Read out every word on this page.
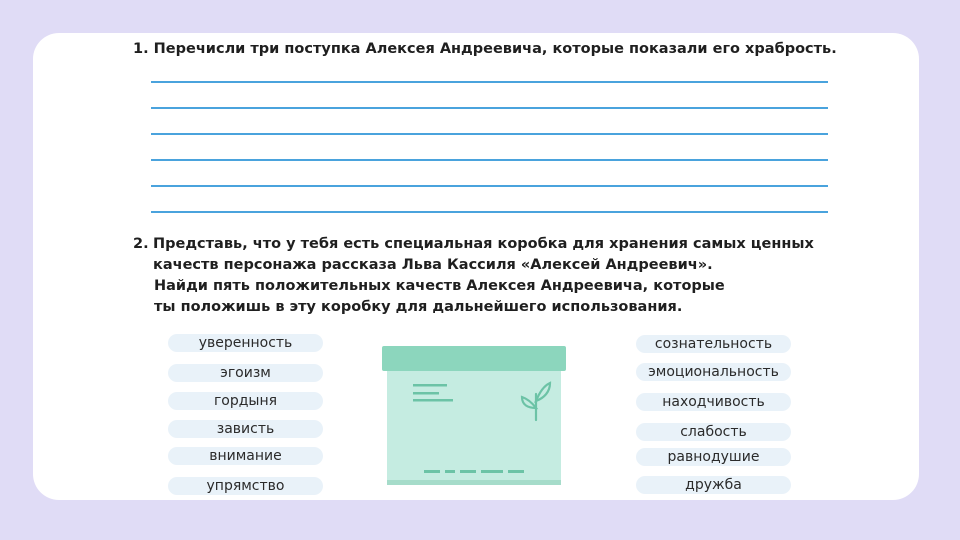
1. Перечисли три поступка Алексея Андреевича, которые показали его храбрость.
2. Представь, что у тебя есть специальная коробка для хранения самых ценных
качеств персонажа рассказа Льва Кассиля «Алексей Андреевич».
Найди пять положительных качеств Алексея Андреевича, которые
ты положишь в эту коробку для дальнейшего использования.
уверенность
эгоизм
гордыня
зависть
внимание
упрямство
сознательность
эмоциональность
находчивость
слабость
равнодушие
дружба
